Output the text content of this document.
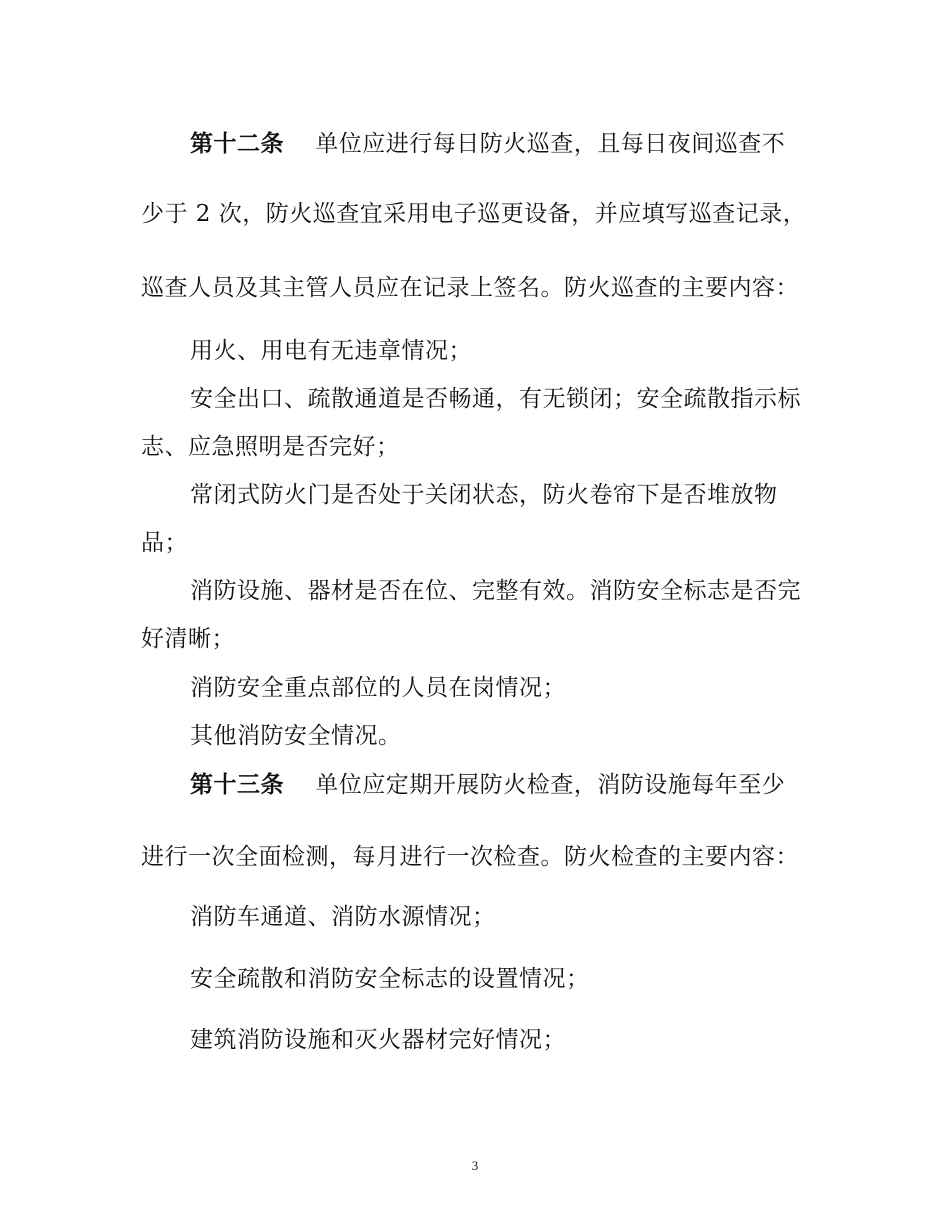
第十二条 单位应进行每日防火巡查，且每日夜间巡查不
少于 2 次，防火巡查宜采用电子巡更设备，并应填写巡查记录，
巡查人员及其主管人员应在记录上签名。防火巡查的主要内容：
用火、用电有无违章情况；
安全出口、疏散通道是否畅通，有无锁闭；安全疏散指示标
志、应急照明是否完好；
常闭式防火门是否处于关闭状态，防火卷帘下是否堆放物
品；
消防设施、器材是否在位、完整有效。消防安全标志是否完
好清晰；
消防安全重点部位的人员在岗情况；
其他消防安全情况。
第十三条 单位应定期开展防火检查，消防设施每年至少
进行一次全面检测，每月进行一次检查。防火检查的主要内容：
消防车通道、消防水源情况；
安全疏散和消防安全标志的设置情况；
建筑消防设施和灭火器材完好情况；
3
